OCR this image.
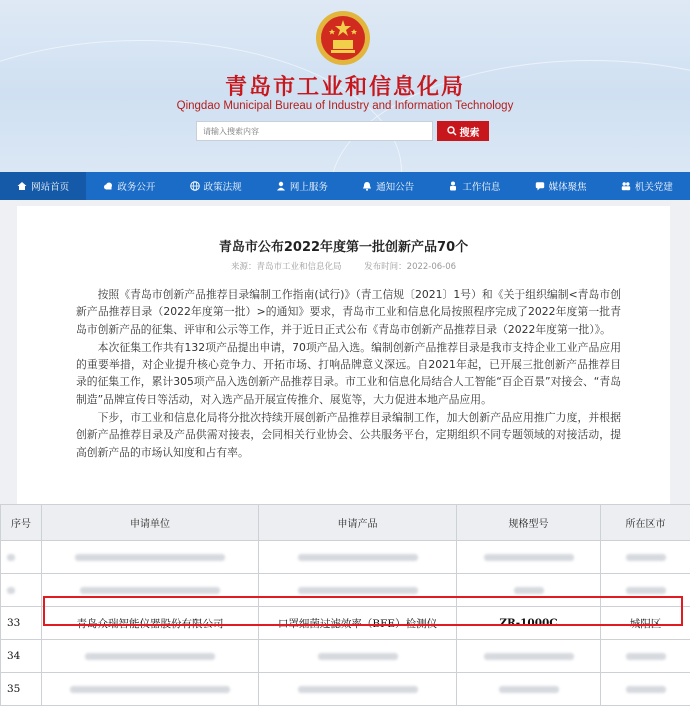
青岛市工业和信息化局
Qingdao Municipal Bureau of Industry and Information Technology
请输入搜索内容
搜索
网站首页	政务公开	政策法规	网上服务	通知公告	工作信息	媒体聚焦	机关党建
青岛市公布2022年度第一批创新产品70个
来源：青岛市工业和信息化局	发布时间：2022-06-06

按照《青岛市创新产品推荐目录编制工作指南(试行)》（青工信规〔2021〕1号）和《关于组织编制<青岛市创新产品推荐目录（2022年度第一批）>的通知》要求，青岛市工业和信息化局按照程序完成了2022年度第一批青岛市创新产品的征集、评审和公示等工作，并于近日正式公布《青岛市创新产品推荐目录（2022年度第一批）》。

本次征集工作共有132项产品提出申请，70项产品入选。编制创新产品推荐目录是我市支持企业工业产品应用的重要举措，对企业提升核心竞争力、开拓市场、打响品牌意义深远。自2021年起，已开展三批创新产品推荐目录的征集工作，累计305项产品入选创新产品推荐目录。市工业和信息化局结合人工智能“百企百景”对接会、“青岛制造”品牌宣传日等活动，对入选产品开展宣传推介、展览等，大力促进本地产品应用。

下步，市工业和信息化局将分批次持续开展创新产品推荐目录编制工作，加大创新产品应用推广力度，并根据创新产品推荐目录及产品供需对接表，会同相关行业协会、公共服务平台，定期组织不同专题领域的对接活动，提高创新产品的市场认知度和占有率。

序号	申请单位	申请产品	规格型号	所在区市

33	青岛众瑞智能仪器股份有限公司	口罩细菌过滤效率（BFE）检测仪	ZR-1000C	城阳区
34				
35				
